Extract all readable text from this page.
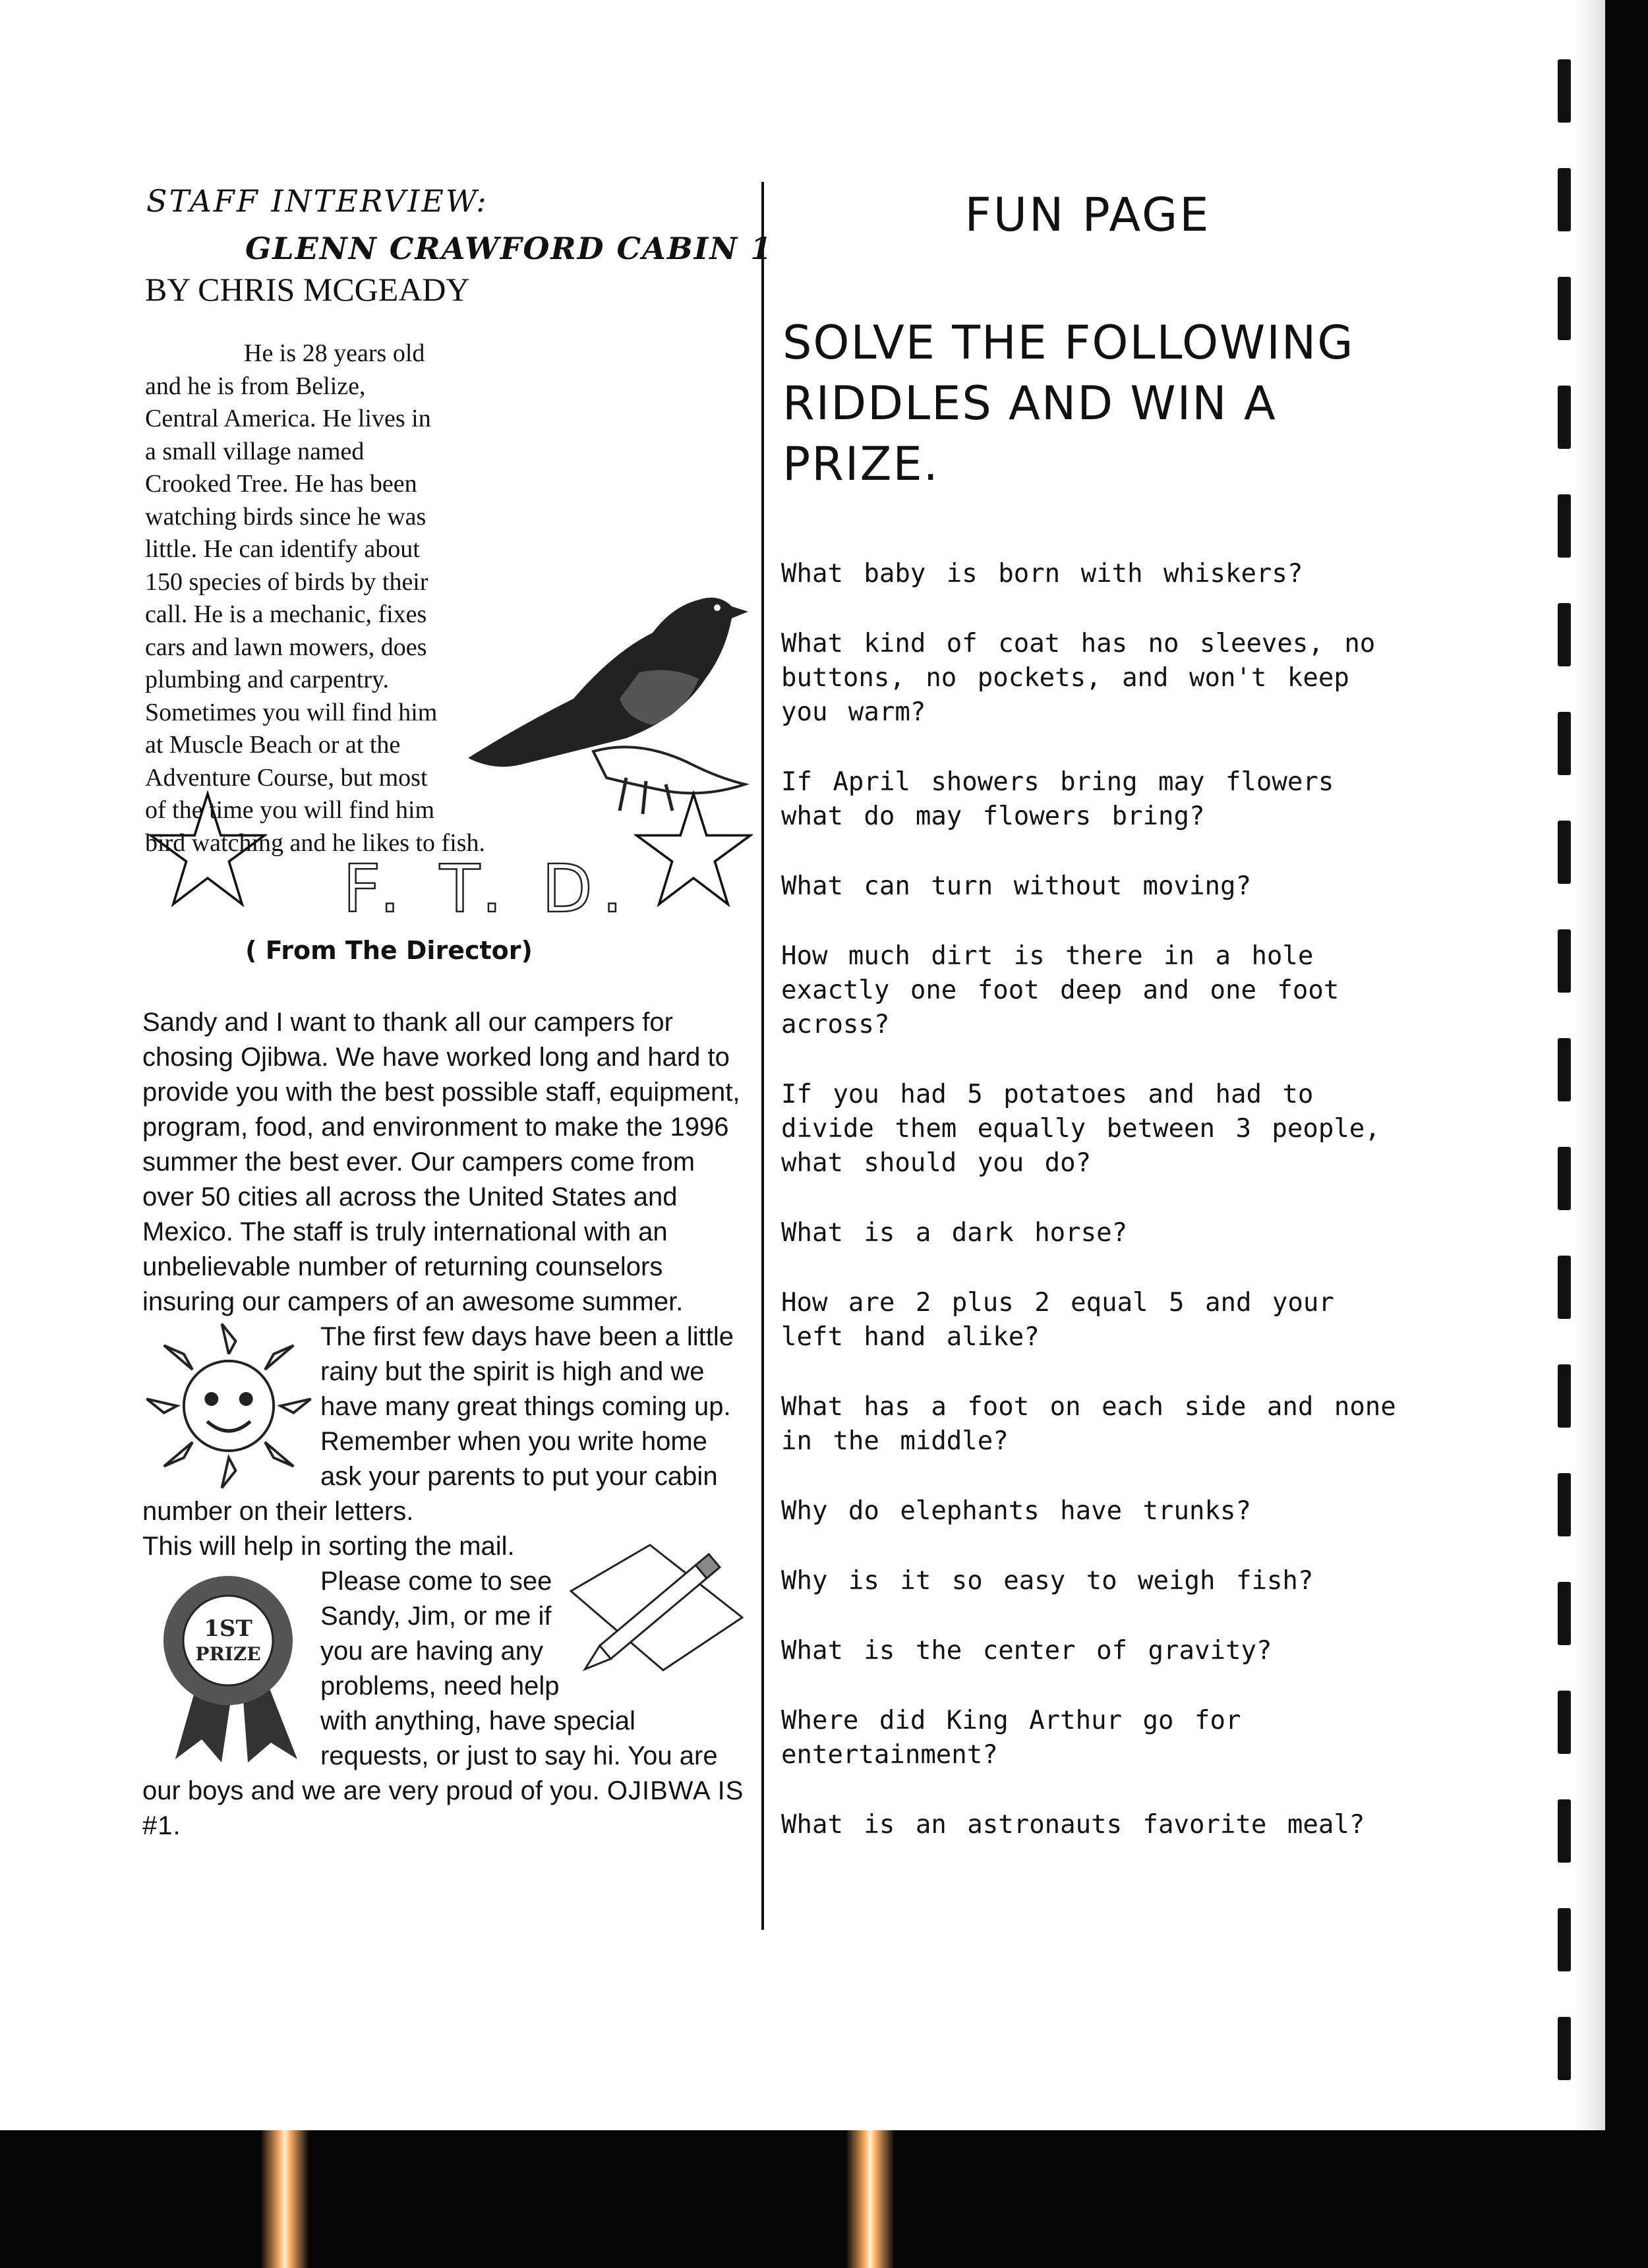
STAFF INTERVIEW:
GLENN CRAWFORD CABIN 1
BY CHRIS MCGEADY
He is 28 years old and he is from Belize, Central America. He lives in a small village named Crooked Tree. He has been watching birds since he was little. He can identify about 150 species of birds by their call. He is a mechanic, fixes cars and lawn mowers, does plumbing and carpentry. Sometimes you will find him at Muscle Beach or at the Adventure Course, but most of the time you will find him bird watching and he likes to fish.
F. T. D.
( From The Director)

Sandy and I want to thank all our campers for chosing Ojibwa. We have worked long and hard to provide you with the best possible staff, equipment, program, food, and environment to make the 1996 summer the best ever. Our campers come from over 50 cities all across the United States and Mexico. The staff is truly international with an unbelievable number of returning counselors insuring our campers of an awesome summer.

The first few days have been a little rainy but the spirit is high and we have many great things coming up. Remember when you write home ask your parents to put your cabin number on their letters.

This will help in sorting the mail.

1ST
PRIZE
Please come to see Sandy, Jim, or me if you are having any problems, need help with anything, have special requests, or just to say hi. You are our boys and we are very proud of you. OJIBWA IS #1.

FUN PAGE
SOLVE THE FOLLOWING RIDDLES AND WIN A PRIZE.

What baby is born with whiskers?

What kind of coat has no sleeves, no buttons, no pockets, and won't keep you warm?

If April showers bring may flowers what do may flowers bring?

What can turn without moving?

How much dirt is there in a hole exactly one foot deep and one foot across?

If you had 5 potatoes and had to divide them equally between 3 people, what should you do?

What is a dark horse?

How are 2 plus 2 equal 5 and your left hand alike?

What has a foot on each side and none in the middle?

Why do elephants have trunks?

Why is it so easy to weigh fish?

What is the center of gravity?

Where did King Arthur go for entertainment?

What is an astronauts favorite meal?
